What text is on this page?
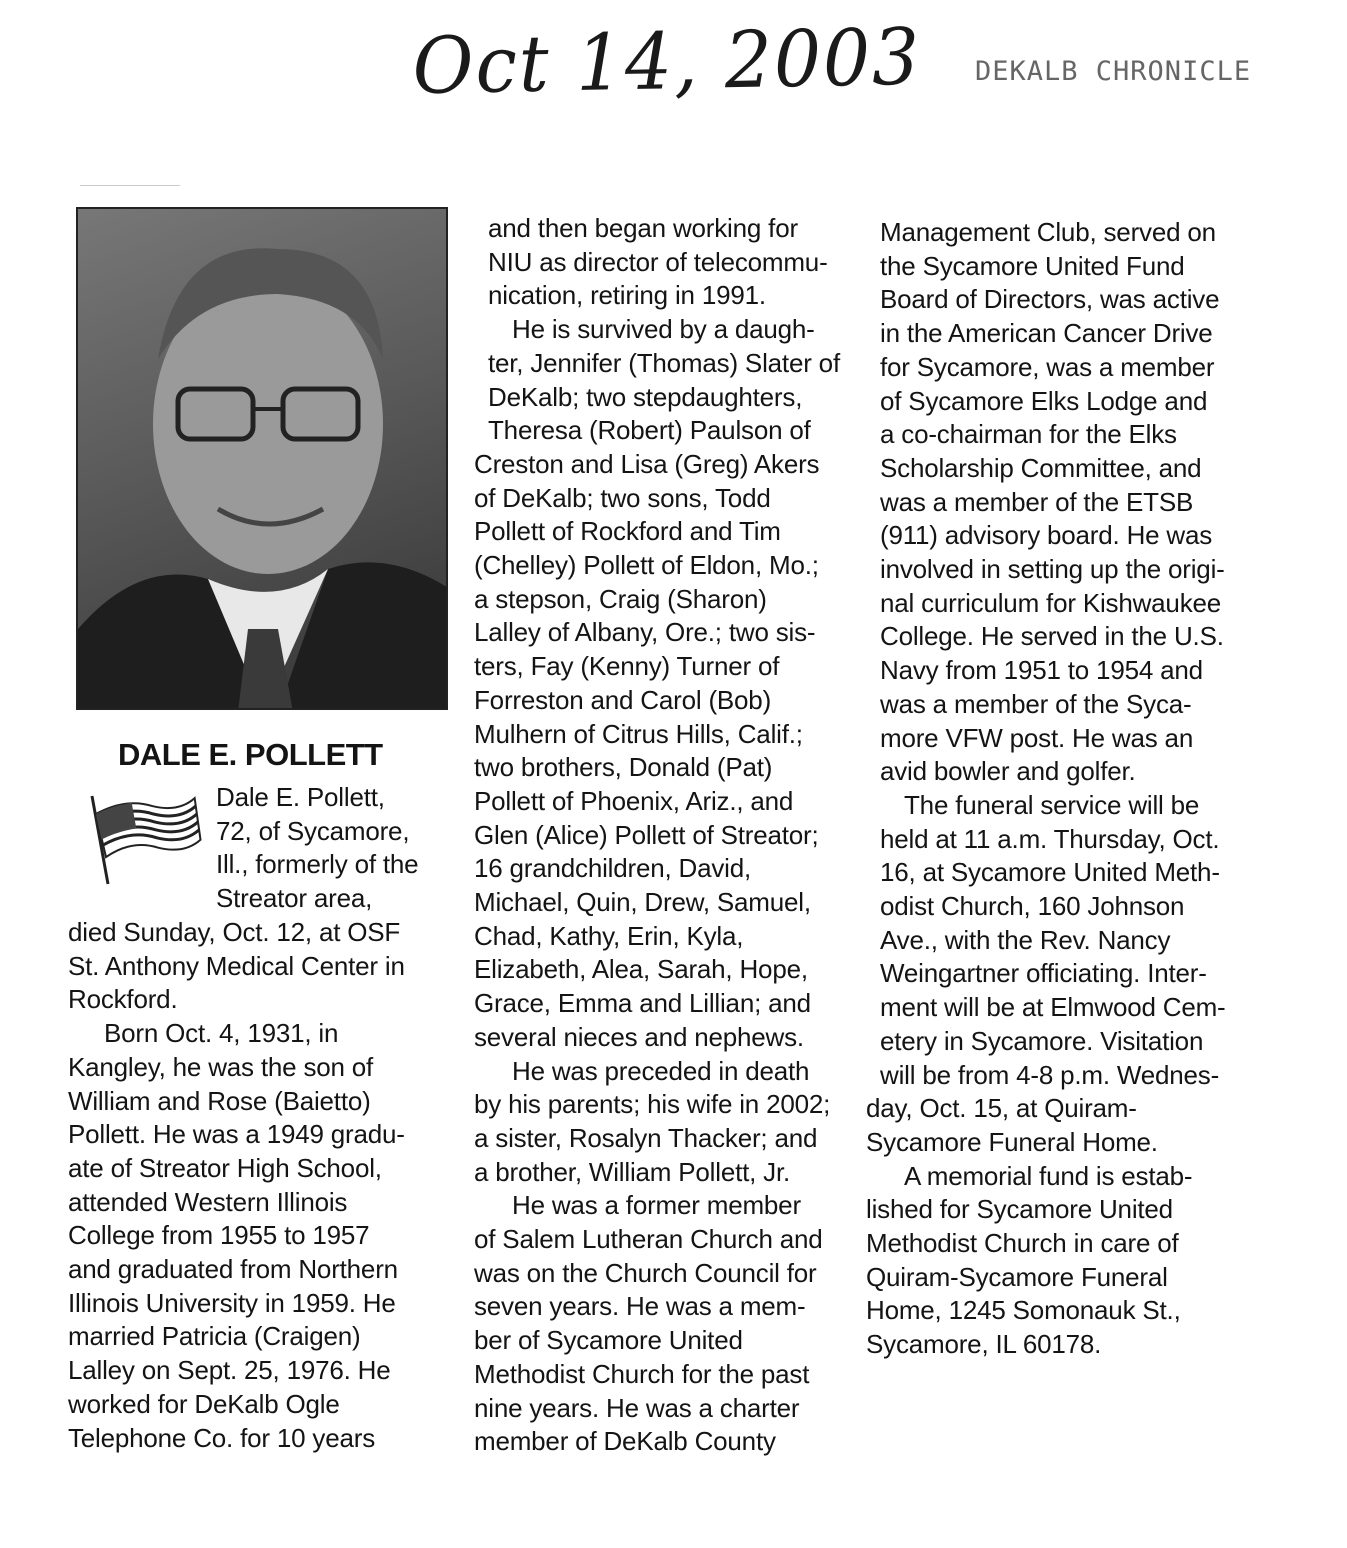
Oct 14, 2003 DEKALB CHRONICLE
DALE E. POLLETT
Dale E. Pollett,
72, of Sycamore,
Ill., formerly of the
Streator area,
died Sunday, Oct. 12, at OSF
St. Anthony Medical Center in
Rockford.
Born Oct. 4, 1931, in
Kangley, he was the son of
William and Rose (Baietto)
Pollett. He was a 1949 gradu-
ate of Streator High School,
attended Western Illinois
College from 1955 to 1957
and graduated from Northern
Illinois University in 1959. He
married Patricia (Craigen)
Lalley on Sept. 25, 1976. He
worked for DeKalb Ogle
Telephone Co. for 10 years
and then began working for
NIU as director of telecommu-
nication, retiring in 1991.
He is survived by a daugh-
ter, Jennifer (Thomas) Slater of
DeKalb; two stepdaughters,
Theresa (Robert) Paulson of
Creston and Lisa (Greg) Akers
of DeKalb; two sons, Todd
Pollett of Rockford and Tim
(Chelley) Pollett of Eldon, Mo.;
a stepson, Craig (Sharon)
Lalley of Albany, Ore.; two sis-
ters, Fay (Kenny) Turner of
Forreston and Carol (Bob)
Mulhern of Citrus Hills, Calif.;
two brothers, Donald (Pat)
Pollett of Phoenix, Ariz., and
Glen (Alice) Pollett of Streator;
16 grandchildren, David,
Michael, Quin, Drew, Samuel,
Chad, Kathy, Erin, Kyla,
Elizabeth, Alea, Sarah, Hope,
Grace, Emma and Lillian; and
several nieces and nephews.
He was preceded in death
by his parents; his wife in 2002;
a sister, Rosalyn Thacker; and
a brother, William Pollett, Jr.
He was a former member
of Salem Lutheran Church and
was on the Church Council for
seven years. He was a mem-
ber of Sycamore United
Methodist Church for the past
nine years. He was a charter
member of DeKalb County
Management Club, served on
the Sycamore United Fund
Board of Directors, was active
in the American Cancer Drive
for Sycamore, was a member
of Sycamore Elks Lodge and
a co-chairman for the Elks
Scholarship Committee, and
was a member of the ETSB
(911) advisory board. He was
involved in setting up the origi-
nal curriculum for Kishwaukee
College. He served in the U.S.
Navy from 1951 to 1954 and
was a member of the Syca-
more VFW post. He was an
avid bowler and golfer.
The funeral service will be
held at 11 a.m. Thursday, Oct.
16, at Sycamore United Meth-
odist Church, 160 Johnson
Ave., with the Rev. Nancy
Weingartner officiating. Inter-
ment will be at Elmwood Cem-
etery in Sycamore. Visitation
will be from 4-8 p.m. Wednes-
day, Oct. 15, at Quiram-
Sycamore Funeral Home.
A memorial fund is estab-
lished for Sycamore United
Methodist Church in care of
Quiram-Sycamore Funeral
Home, 1245 Somonauk St.,
Sycamore, IL 60178.
